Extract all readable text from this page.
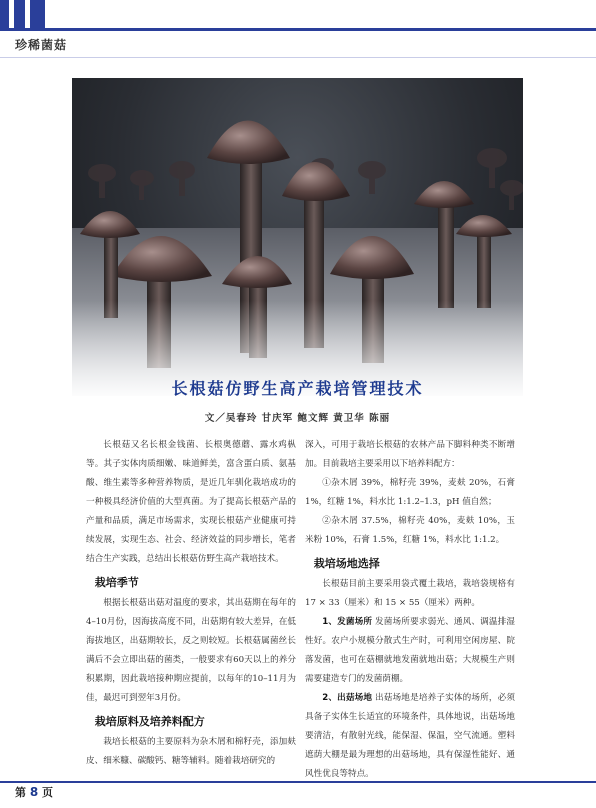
珍稀菌菇
长根菇仿野生高产栽培管理技术
文／吴春玲 甘庆军 鲍文辉 黄卫华 陈丽

长根菇又名长根金钱菌、长根奥德蘑、露水鸡枞等。其子实体肉质细嫩、味道鲜美，富含蛋白质、氨基酸、维生素等多种营养物质，是近几年驯化栽培成功的一种极具经济价值的大型真菌。为了提高长根菇产品的产量和品质，满足市场需求，实现长根菇产业健康可持续发展，实现生态、社会、经济效益的同步增长，笔者结合生产实践，总结出长根菇仿野生高产栽培技术。

栽培季节

根据长根菇出菇对温度的要求，其出菇期在每年的4–10月份，因海拔高度不同，出菇期有较大差异，在低海拔地区，出菇期较长，反之则较短。长根菇属菌丝长满后不会立即出菇的菌类，一般要求有60天以上的养分积累期，因此栽培接种期应提前，以每年的10–11月为佳，最迟可到翌年3月份。

栽培原料及培养料配方

栽培长根菇的主要原料为杂木屑和棉籽壳，添加麸皮、细米糠、碳酸钙、糖等辅料。随着栽培研究的

深入，可用于栽培长根菇的农林产品下脚料种类不断增加。目前栽培主要采用以下培养料配方：

①杂木屑 39%，棉籽壳 39%，麦麸 20%，石膏 1%，红糖 1%，料水比 1:1.2–1.3，pH 值自然；

②杂木屑 37.5%，棉籽壳 40%，麦麸 10%，玉米粉 10%，石膏 1.5%，红糖 1%，料水比 1:1.2。

栽培场地选择

长根菇目前主要采用袋式覆土栽培，栽培袋规格有 17 × 33（厘米）和 15 × 55（厘米）两种。

1、发菌场所 发菌场所要求弱光、通风、调温排湿性好。农户小规模分散式生产时，可利用空闲房屋、院落发菌，也可在菇棚就地发菌就地出菇；大规模生产则需要建造专门的发菌荫棚。

2、出菇场地 出菇场地是培养子实体的场所，必须具备子实体生长适宜的环境条件，具体地说，出菇场地要清洁，有散射光线，能保湿、保温，空气流通。塑料遮荫大棚是最为理想的出菇场地，具有保湿性能好、通风性优良等特点。

第 8 页
